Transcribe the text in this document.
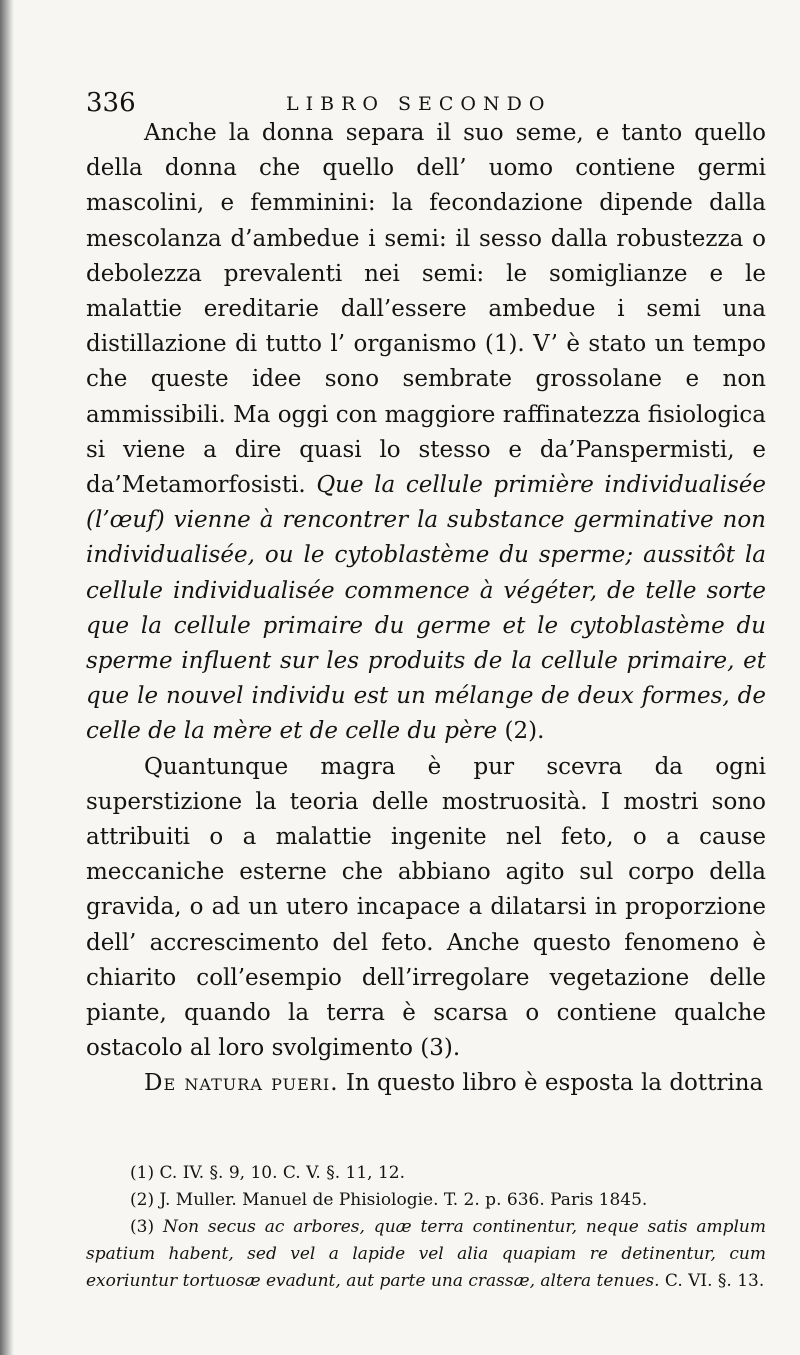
336	LIBRO SECONDO

Anche la donna separa il suo seme, e tanto quello della donna che quello dell’ uomo contiene germi mascolini, e femminini: la fecondazione dipende dalla mescolanza d’ambedue i semi: il sesso dalla robustezza o debolezza prevalenti nei semi: le somiglianze e le malattie ereditarie dall’essere ambedue i semi una distillazione di tutto l’ organismo (1). V’ è stato un tempo che queste idee sono sembrate grossolane e non ammissibili. Ma oggi con maggiore raffinatezza fisiologica si viene a dire quasi lo stesso e da’Panspermisti, e da’Metamorfosisti. Que la cellule primière individualisée (l’œuf) vienne à rencontrer la substance germinative non individualisée, ou le cytoblastème du sperme; aussitôt la cellule individualisée commence à végéter, de telle sorte que la cellule primaire du germe et le cytoblastème du sperme influent sur les produits de la cellule primaire, et que le nouvel individu est un mélange de deux formes, de celle de la mère et de celle du père (2).

Quantunque magra è pur scevra da ogni superstizione la teoria delle mostruosità. I mostri sono attribuiti o a malattie ingenite nel feto, o a cause meccaniche esterne che abbiano agito sul corpo della gravida, o ad un utero incapace a dilatarsi in proporzione dell’ accrescimento del feto. Anche questo fenomeno è chiarito coll’esempio dell’irregolare vegetazione delle piante, quando la terra è scarsa o contiene qualche ostacolo al loro svolgimento (3).

De natura pueri. In questo libro è esposta la dottrina

(1) C. IV. §. 9, 10. C. V. §. 11, 12.

(2) J. Muller. Manuel de Phisiologie. T. 2. p. 636. Paris 1845.

(3) Non secus ac arbores, quæ terra continentur, neque satis amplum spatium habent, sed vel a lapide vel alia quapiam re detinentur, cum exoriuntur tortuosæ evadunt, aut parte una crassæ, altera tenues. C. VI. §. 13.
